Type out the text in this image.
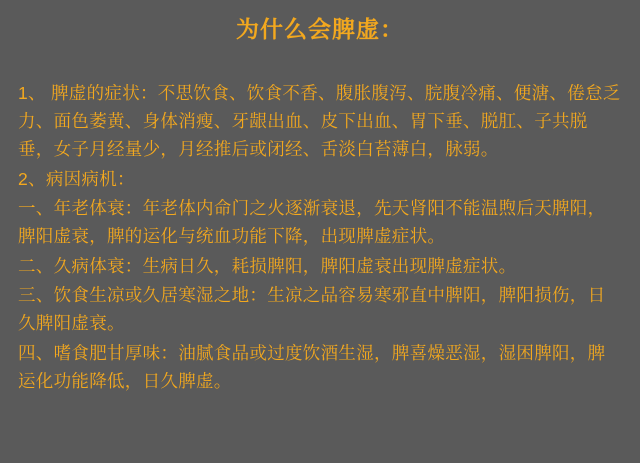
为什么会脾虚：

1、 脾虚的症状：不思饮食、饮食不香、腹胀腹泻、脘腹冷痛、便溏、倦怠乏力、面色萎黄、身体消瘦、牙龈出血、皮下出血、胃下垂、脱肛、子共脱垂，女子月经量少，月经推后或闭经、舌淡白苔薄白，脉弱。

2、病因病机：

一、年老体衰：年老体内命门之火逐渐衰退，先天肾阳不能温煦后天脾阳，脾阳虚衰，脾的运化与统血功能下降，出现脾虚症状。

二、久病体衰：生病日久，耗损脾阳，脾阳虚衰出现脾虚症状。

三、饮食生凉或久居寒湿之地：生凉之品容易寒邪直中脾阳，脾阳损伤，日久脾阳虚衰。

四、嗜食肥甘厚味：油腻食品或过度饮酒生湿，脾喜燥恶湿，湿困脾阳，脾运化功能降低，日久脾虚。
